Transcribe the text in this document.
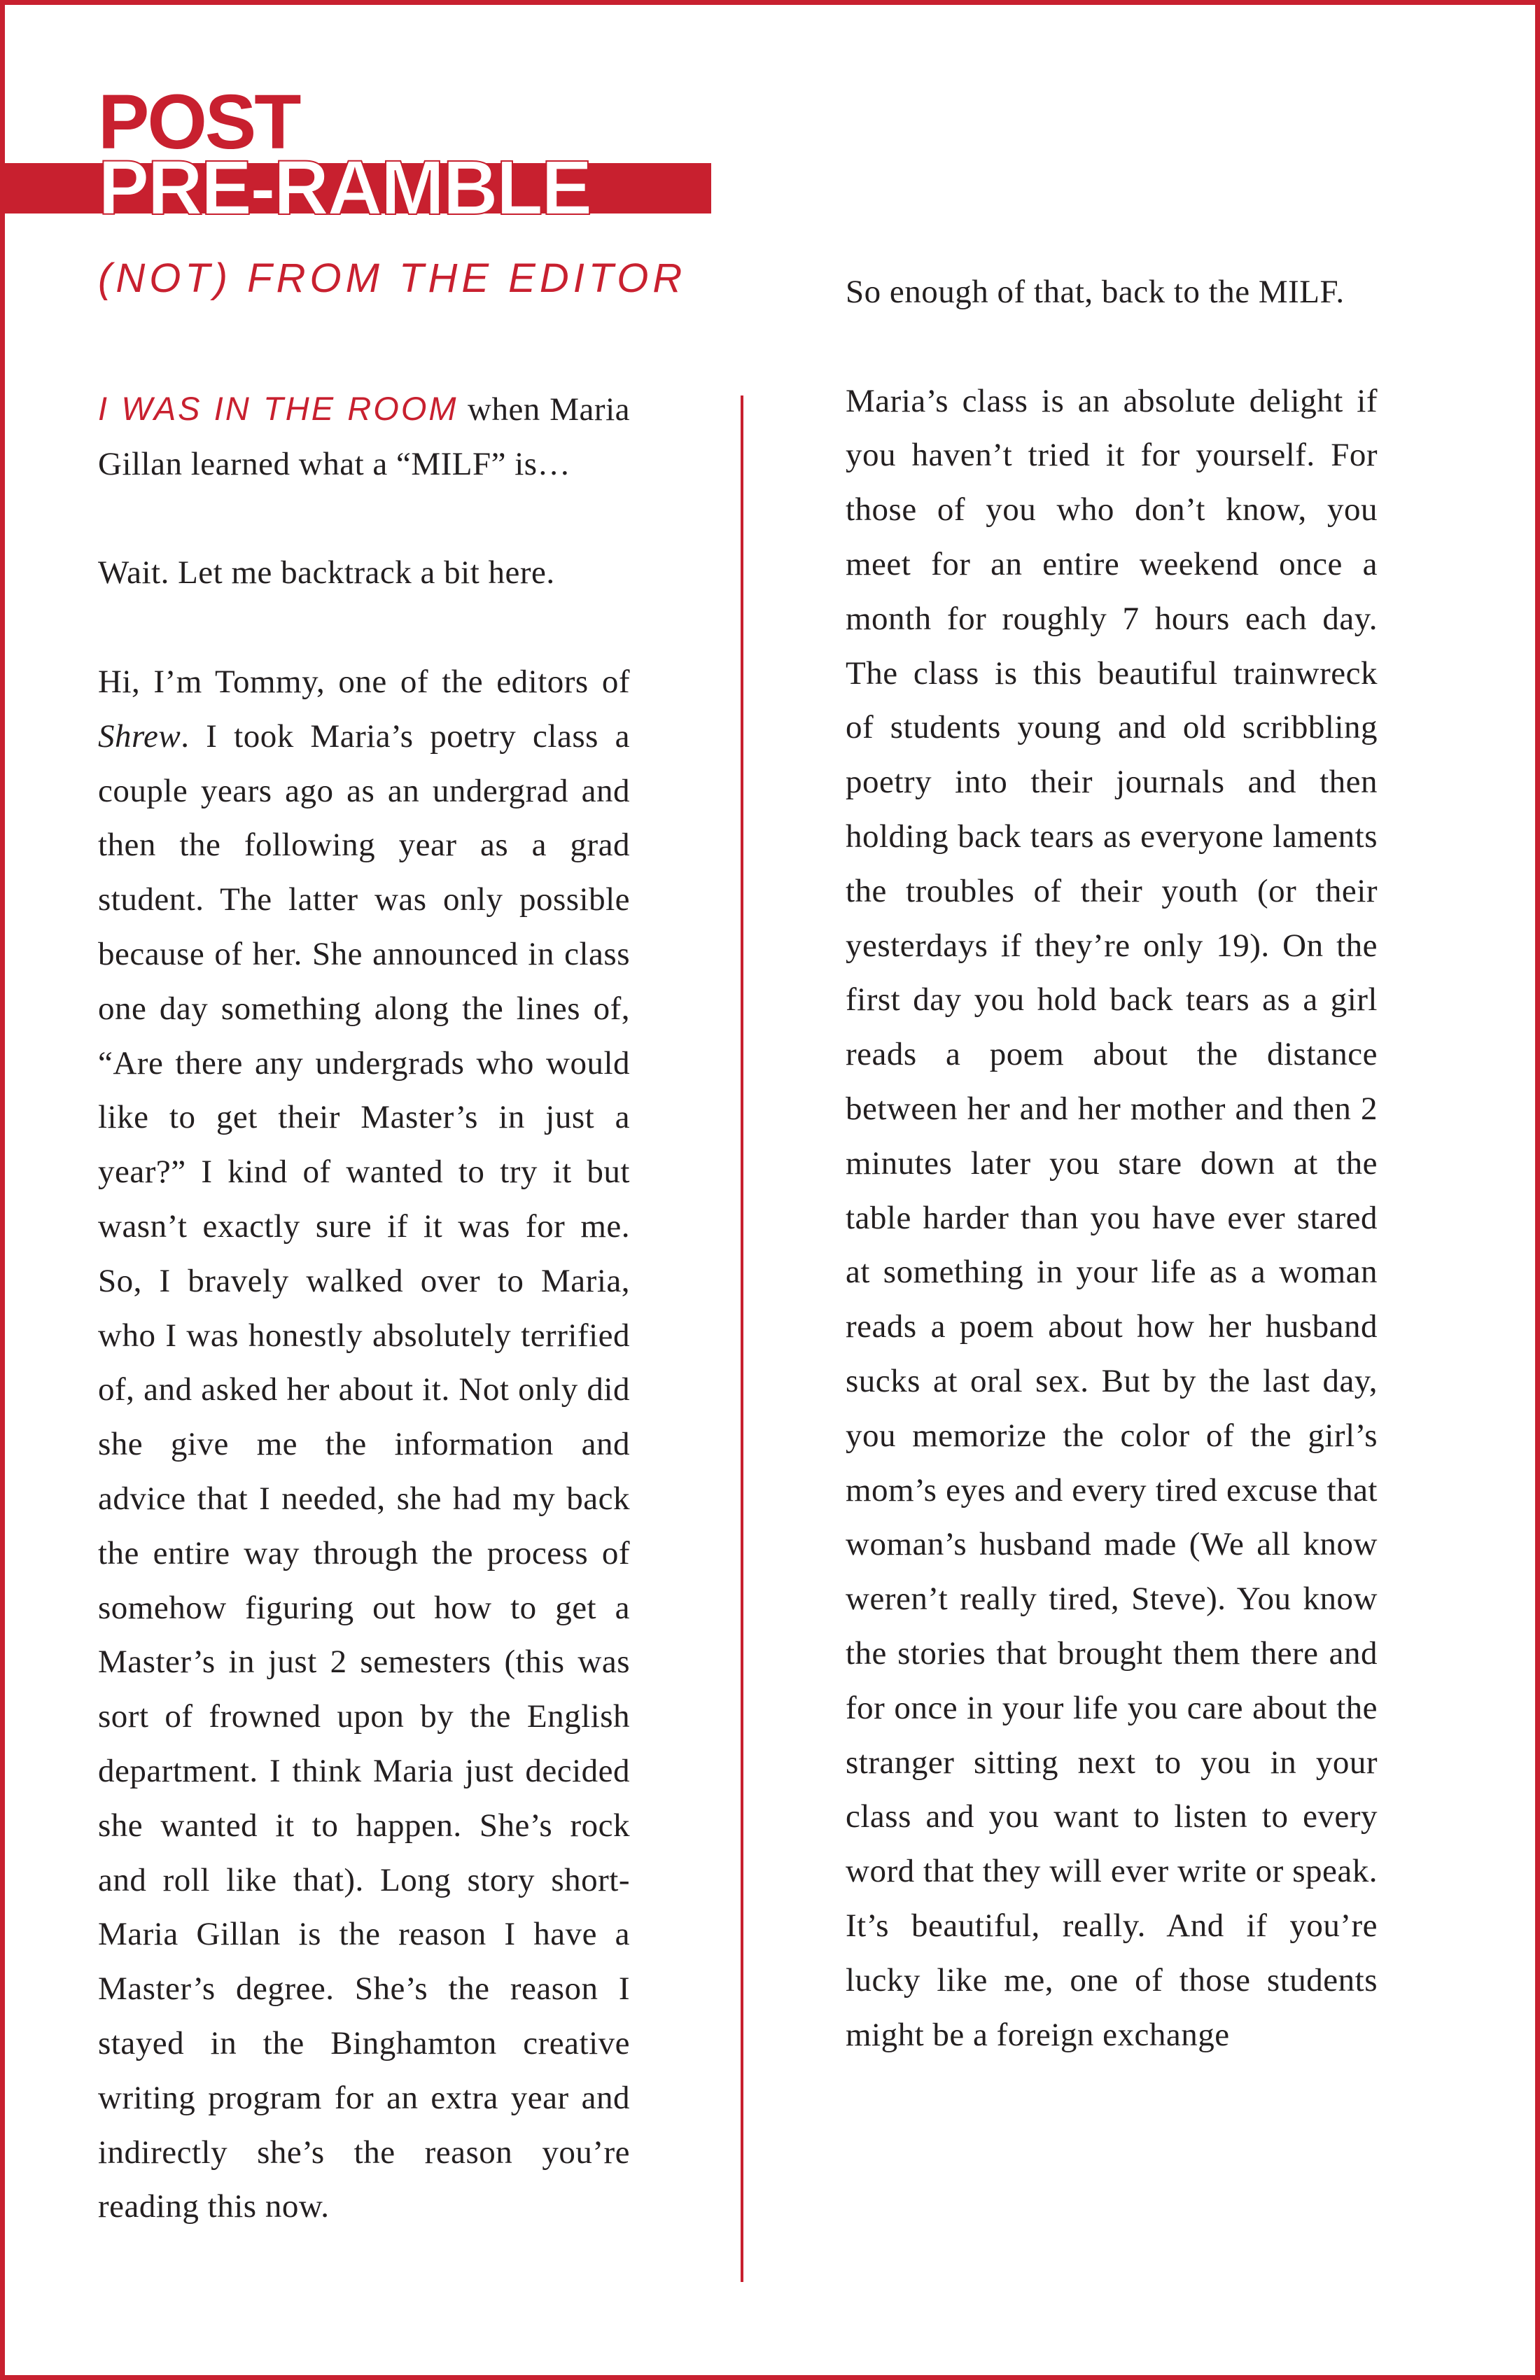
POST
PRE-RAMBLE
(NOT) FROM THE EDITOR

I WAS IN THE ROOM when Maria Gillan learned what a “MILF” is…

Wait. Let me backtrack a bit here.

Hi, I’m Tommy, one of the editors of Shrew. I took Maria’s poetry class a couple years ago as an undergrad and then the following year as a grad student. The latter was only possible because of her. She announced in class one day something along the lines of, “Are there any undergrads who would like to get their Master’s in just a year?” I kind of wanted to try it but wasn’t exactly sure if it was for me. So, I bravely walked over to Maria, who I was honestly absolutely terrified of, and asked her about it. Not only did she give me the information and advice that I needed, she had my back the entire way through the process of somehow figuring out how to get a Master’s in just 2 semesters (this was sort of frowned upon by the English department. I think Maria just decided she wanted it to happen. She’s rock and roll like that). Long story short- Maria Gillan is the reason I have a Master’s degree. She’s the reason I stayed in the Binghamton creative writing program for an extra year and indirectly she’s the reason you’re reading this now.

So enough of that, back to the MILF.

Maria’s class is an absolute delight if you haven’t tried it for yourself. For those of you who don’t know, you meet for an entire weekend once a month for roughly 7 hours each day. The class is this beautiful trainwreck of students young and old scribbling poetry into their journals and then holding back tears as everyone laments the troubles of their youth (or their yesterdays if they’re only 19). On the first day you hold back tears as a girl reads a poem about the distance between her and her mother and then 2 minutes later you stare down at the table harder than you have ever stared at something in your life as a woman reads a poem about how her husband sucks at oral sex. But by the last day, you memorize the color of the girl’s mom’s eyes and every tired excuse that woman’s husband made (We all know weren’t really tired, Steve). You know the stories that brought them there and for once in your life you care about the stranger sitting next to you in your class and you want to listen to every word that they will ever write or speak. It’s beautiful, really. And if you’re lucky like me, one of those students might be a foreign exchange
